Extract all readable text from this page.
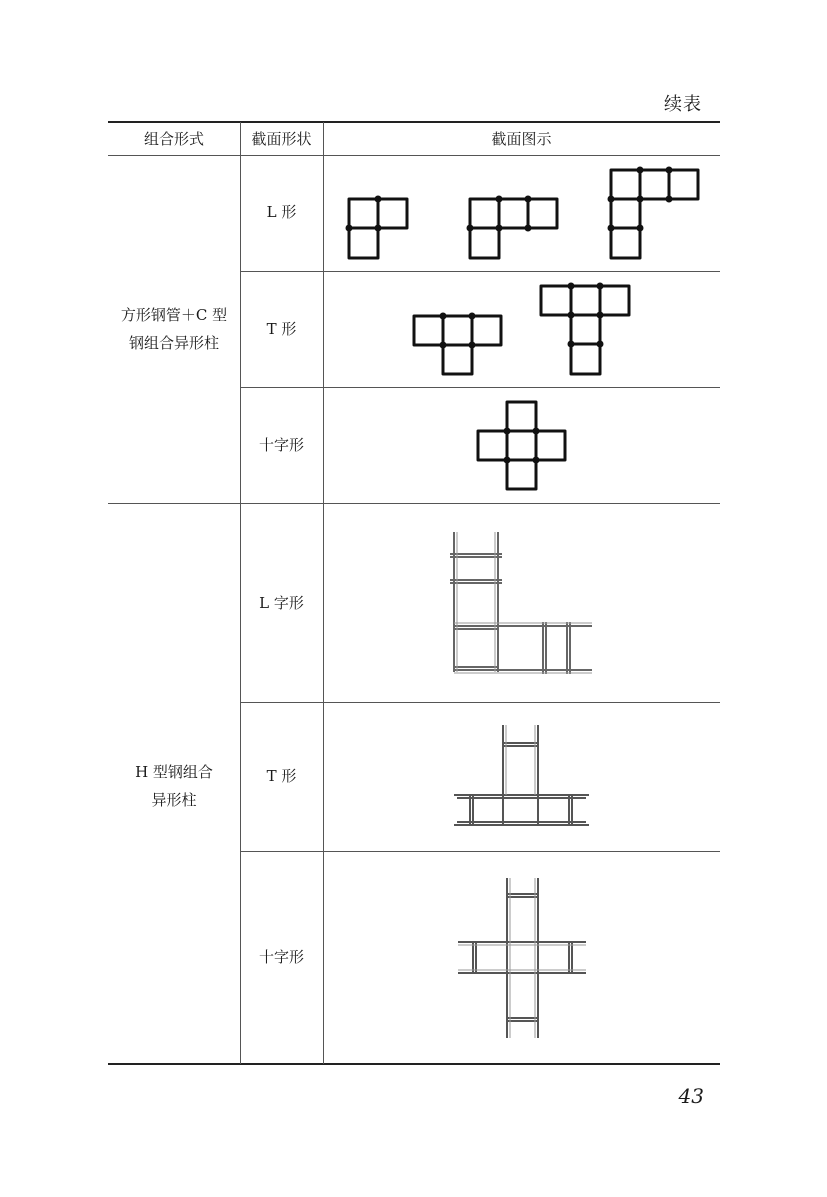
续表
组合形式	截面形状	截面图示
方形钢管＋C 型
钢组合异形柱
L 形
T 形
十字形
H 型钢组合
异形柱
L 字形
T 形
十字形
43
